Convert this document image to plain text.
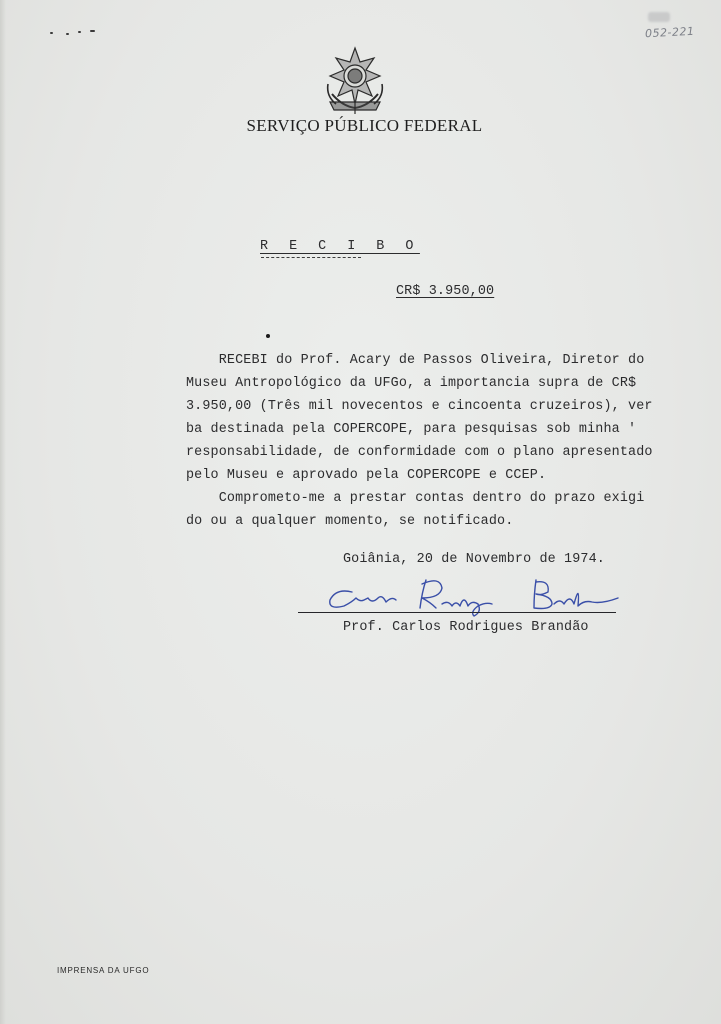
052-221
SERVIÇO PÚBLICO FEDERAL
R E C I B O
CR$ 3.950,00
RECEBI do Prof. Acary de Passos Oliveira, Diretor do
Museu Antropológico da UFGo, a importancia supra de CR$
3.950,00 (Três mil novecentos e cincoenta cruzeiros), ver
ba destinada pela COPERCOPE, para pesquisas sob minha '
responsabilidade, de conformidade com o plano apresentado
pelo Museu e aprovado pela COPERCOPE e CCEP.
Comprometo-me a prestar contas dentro do prazo exigi
do ou a qualquer momento, se notificado.
Goiânia, 20 de Novembro de 1974.
Prof. Carlos Rodrigues Brandão
IMPRENSA DA UFGO
